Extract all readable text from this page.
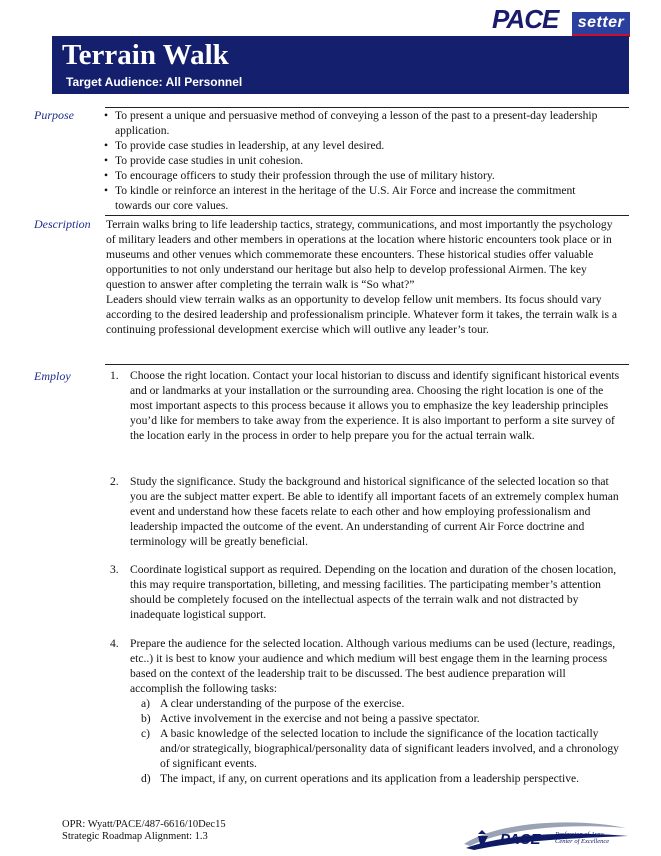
PACE	setter
Terrain Walk
Target Audience: All Personnel
Purpose
•	To present a unique and persuasive method of conveying a lesson of the past to a present-day leadership application.
• To provide case studies in leadership, at any level desired.
• To provide case studies in unit cohesion.
• To encourage officers to study their profession through the use of military history.
• To kindle or reinforce an interest in the heritage of the U.S. Air Force and increase the commitment towards our core values.
Description Terrain walks bring to life leadership tactics, strategy, communications, and most importantly the psychology of military leaders and other members in operations at the location where historic encounters took place or in museums and other venues which commemorate these encounters. These historical studies offer valuable opportunities to not only understand our heritage but also help to develop professional Airmen. The key question to answer after completing the terrain walk is “So what?”
Leaders should view terrain walks as an opportunity to develop fellow unit members. Its focus should vary according to the desired leadership and professionalism principle. Whatever form it takes, the terrain walk is a continuing professional development exercise which will outlive any leader’s tour.
Employ	1. Choose the right location. Contact your local historian to discuss and identify significant historical events and or landmarks at your installation or the surrounding area. Choosing the right location is one of the most important aspects to this process because it allows you to emphasize the key leadership principles you’d like for members to take away from the experience. It is also important to perform a site survey of the location early in the process in order to help prepare you for the actual terrain walk.
2. Study the significance. Study the background and historical significance of the selected location so that you are the subject matter expert. Be able to identify all important facets of an extremely complex human event and understand how these facets relate to each other and how employing professionalism and leadership impacted the outcome of the event. An understanding of current Air Force doctrine and terminology will be greatly beneficial.
3. Coordinate logistical support as required. Depending on the location and duration of the chosen location, this may require transportation, billeting, and messing facilities. The participating member’s attention should be completely focused on the intellectual aspects of the terrain walk and not distracted by inadequate logistical support.
4. Prepare the audience for the selected location. Although various mediums can be used (lecture, readings, etc..) it is best to know your audience and which medium will best engage them in the learning process based on the context of the leadership trait to be discussed. The best audience preparation will accomplish the following tasks:
a) A clear understanding of the purpose of the exercise.
b) Active involvement in the exercise and not being a passive spectator.
c) A basic knowledge of the selected location to include the significance of the location tactically and/or strategically, biographical/personality data of significant leaders involved, and a chronology of significant events.
d) The impact, if any, on current operations and its application from a leadership perspective.
OPR: Wyatt/PACE/487-6616/10Dec15
Strategic Roadmap Alignment: 1.3	PACE Profession of Arms
Center of Excellence
